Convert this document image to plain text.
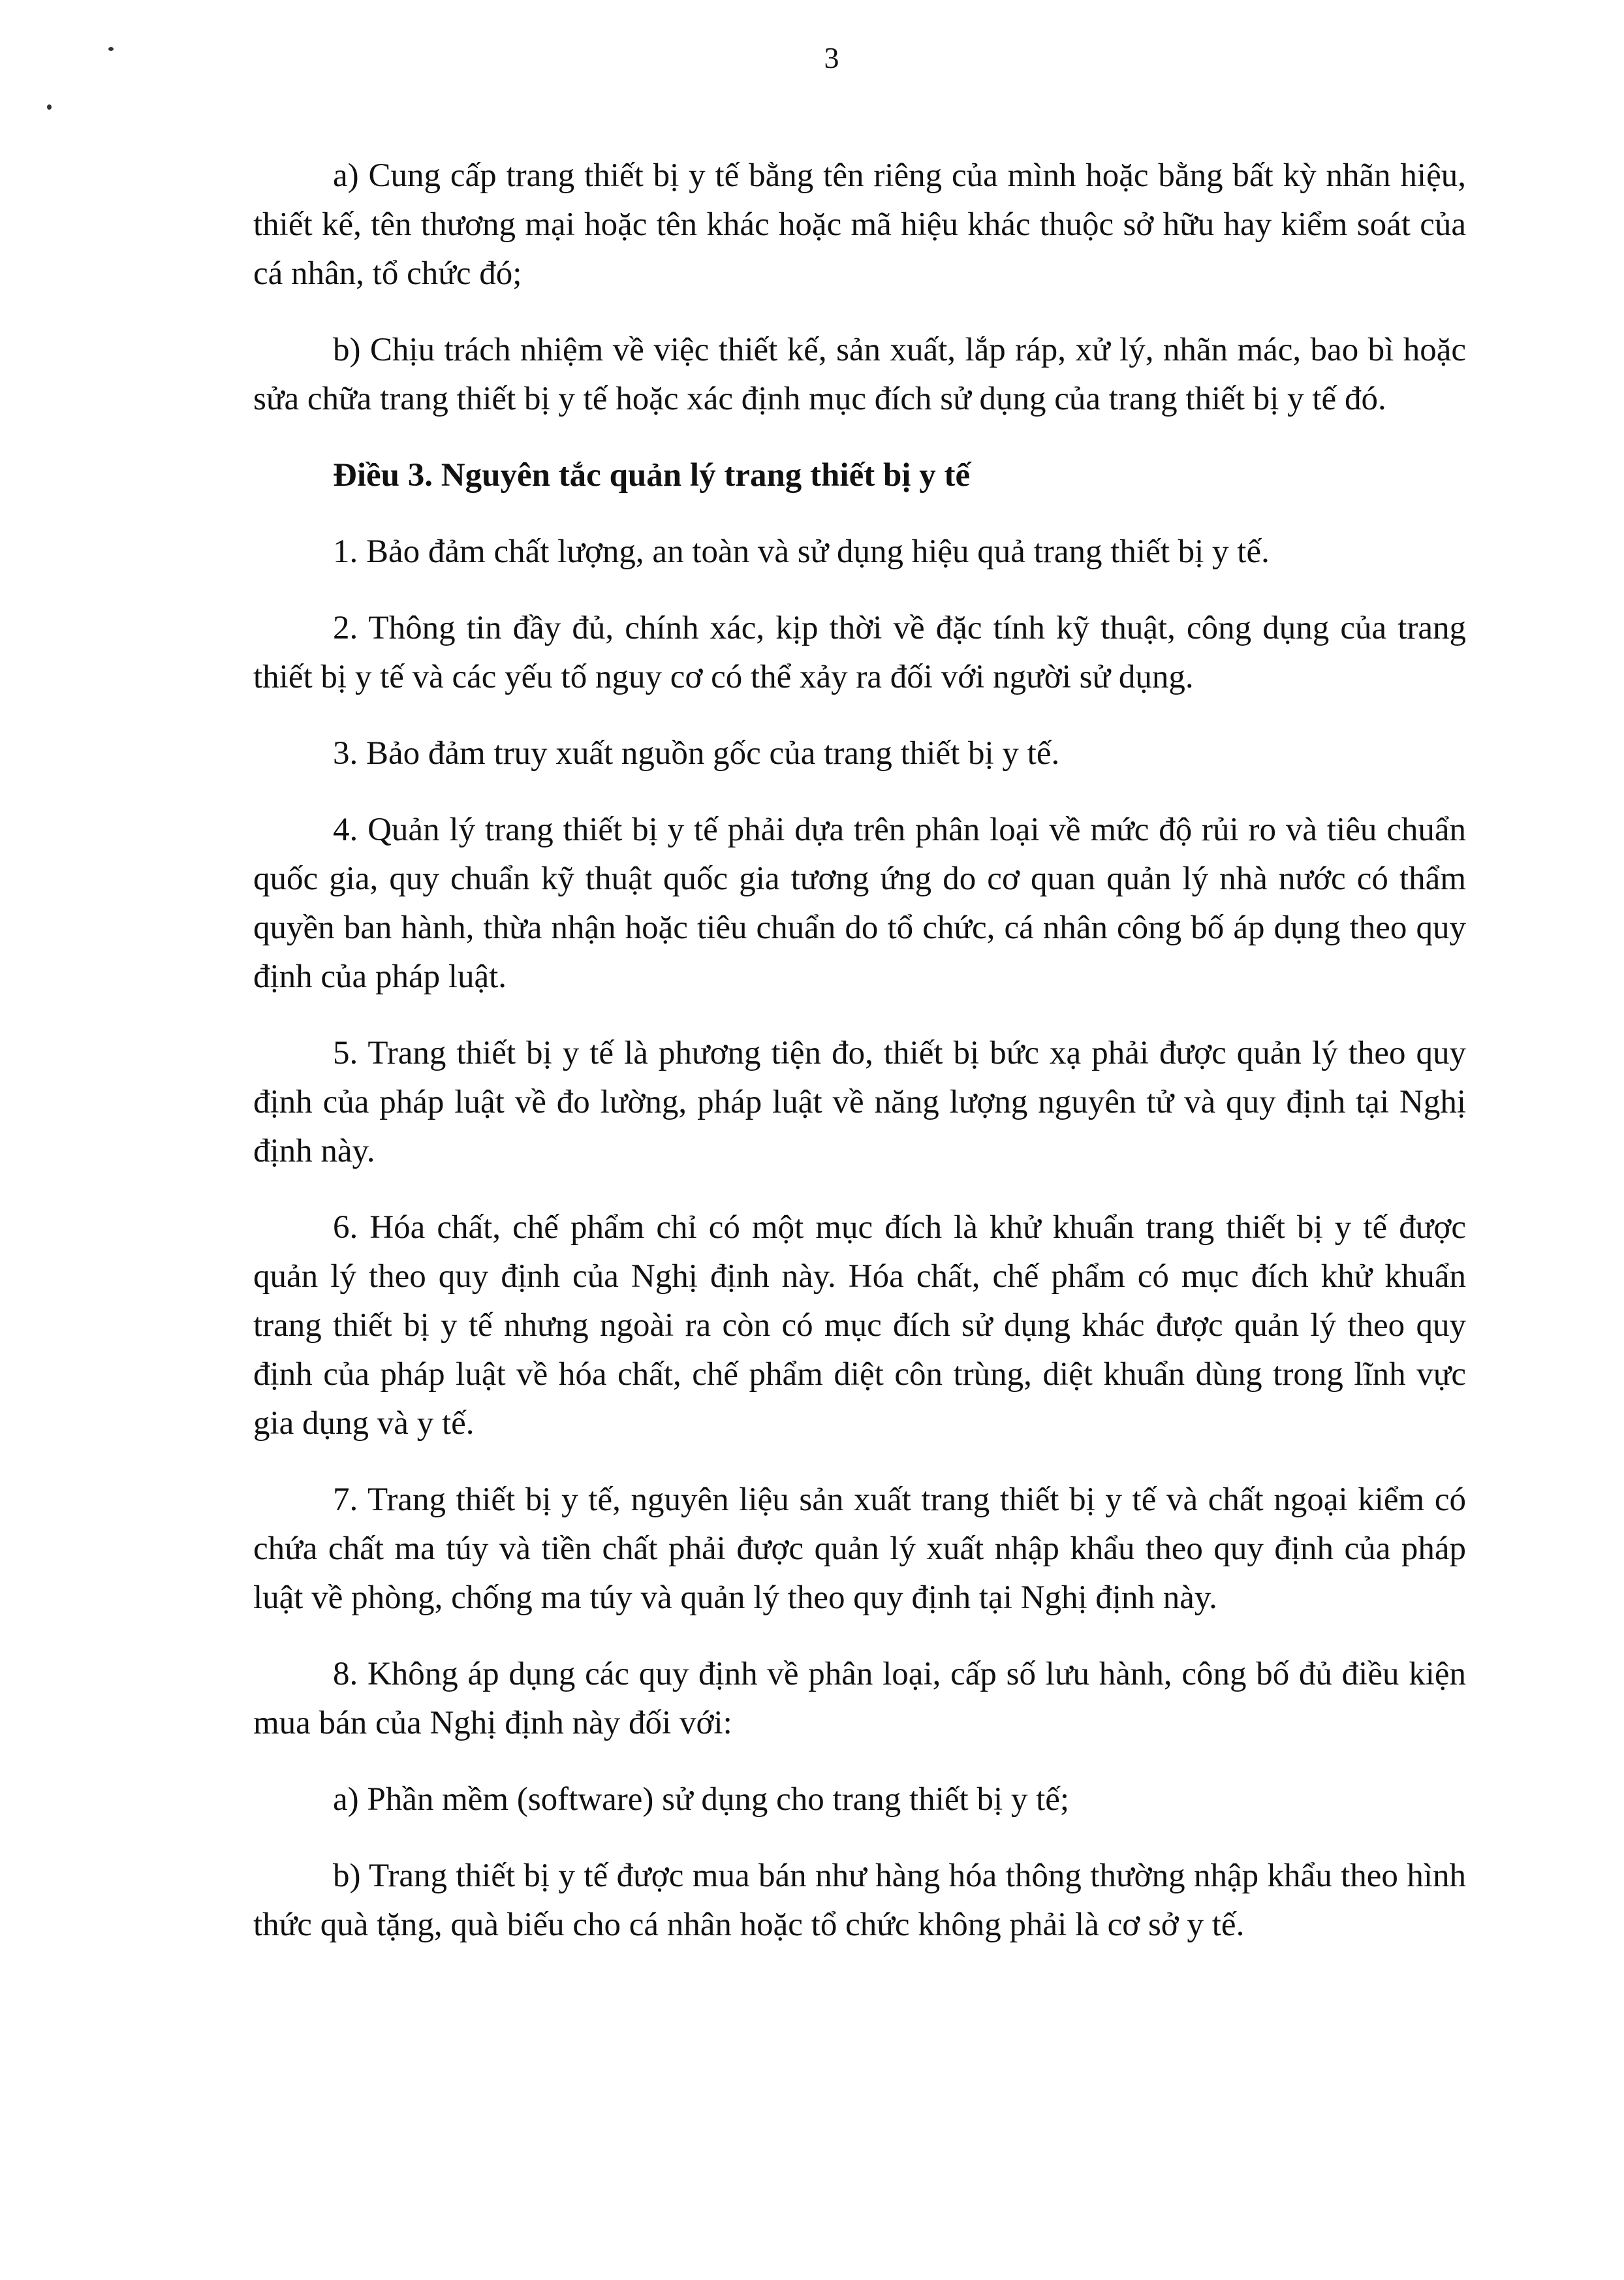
3

a) Cung cấp trang thiết bị y tế bằng tên riêng của mình hoặc bằng bất kỳ nhãn hiệu, thiết kế, tên thương mại hoặc tên khác hoặc mã hiệu khác thuộc sở hữu hay kiểm soát của cá nhân, tổ chức đó;

b) Chịu trách nhiệm về việc thiết kế, sản xuất, lắp ráp, xử lý, nhãn mác, bao bì hoặc sửa chữa trang thiết bị y tế hoặc xác định mục đích sử dụng của trang thiết bị y tế đó.

Điều 3. Nguyên tắc quản lý trang thiết bị y tế

1. Bảo đảm chất lượng, an toàn và sử dụng hiệu quả trang thiết bị y tế.

2. Thông tin đầy đủ, chính xác, kịp thời về đặc tính kỹ thuật, công dụng của trang thiết bị y tế và các yếu tố nguy cơ có thể xảy ra đối với người sử dụng.

3. Bảo đảm truy xuất nguồn gốc của trang thiết bị y tế.

4. Quản lý trang thiết bị y tế phải dựa trên phân loại về mức độ rủi ro và tiêu chuẩn quốc gia, quy chuẩn kỹ thuật quốc gia tương ứng do cơ quan quản lý nhà nước có thẩm quyền ban hành, thừa nhận hoặc tiêu chuẩn do tổ chức, cá nhân công bố áp dụng theo quy định của pháp luật.

5. Trang thiết bị y tế là phương tiện đo, thiết bị bức xạ phải được quản lý theo quy định của pháp luật về đo lường, pháp luật về năng lượng nguyên tử và quy định tại Nghị định này.

6. Hóa chất, chế phẩm chỉ có một mục đích là khử khuẩn trang thiết bị y tế được quản lý theo quy định của Nghị định này. Hóa chất, chế phẩm có mục đích khử khuẩn trang thiết bị y tế nhưng ngoài ra còn có mục đích sử dụng khác được quản lý theo quy định của pháp luật về hóa chất, chế phẩm diệt côn trùng, diệt khuẩn dùng trong lĩnh vực gia dụng và y tế.

7. Trang thiết bị y tế, nguyên liệu sản xuất trang thiết bị y tế và chất ngoại kiểm có chứa chất ma túy và tiền chất phải được quản lý xuất nhập khẩu theo quy định của pháp luật về phòng, chống ma túy và quản lý theo quy định tại Nghị định này.

8. Không áp dụng các quy định về phân loại, cấp số lưu hành, công bố đủ điều kiện mua bán của Nghị định này đối với:

a) Phần mềm (software) sử dụng cho trang thiết bị y tế;

b) Trang thiết bị y tế được mua bán như hàng hóa thông thường nhập khẩu theo hình thức quà tặng, quà biếu cho cá nhân hoặc tổ chức không phải là cơ sở y tế.
